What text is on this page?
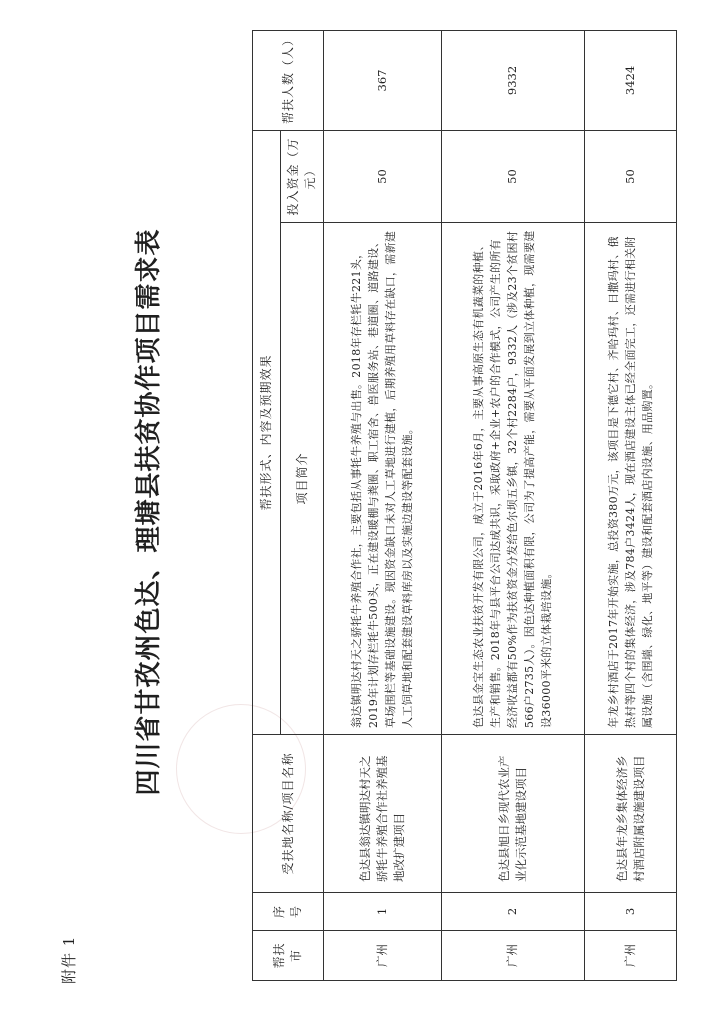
附件 1
四川省甘孜州色达、理塘县扶贫协作项目需求表
帮扶市	序号	受扶地名称/项目名称	帮扶形式、内容及预期效果		帮扶人数（人）
			项目简介	投入资金（万元）	
广州	1	色达县翁达镇明达村天之骄牦牛养殖合作社养殖基地改扩建项目	翁达镇明达村天之骄牦牛养殖合作社，主要包括从事牦牛养殖与出售。2018年存栏牦牛221头，2019年计划存栏牦牛500头，正在建设暖棚与粪圈、职工宿舍、兽医服务站、巷道圈、道路建设、草场围栏等基础设施建设。现因资金缺口未对人工草地进行建植，后期养殖用草料存在缺口，需新建人工饲草地和配套建设草料库房以及实施边建设等配套设施。	50	367
广州	2	色达县旭日乡现代农业产业化示范基地建设项目	色达县金宝生态农业扶贫开发有限公司，成立于2016年6月，主要从事高原生态有机蔬菜的种植、生产和销售。2018年与县平台公司达成共识，采取政府+企业+农户的合作模式，公司产生的所有经济收益都有50%作为扶贫资金分发给色尔坝五乡镇，32个村2284户，9332人（涉及23个贫困村566户2735人）。因色达种植面积有限，公司为了提高产能，需要从平面发展到立体种植，现需要建设36000平米的立体栽培设施。	50	9332
广州	3	色达县年龙乡集体经济乡村酒店附属设施建设项目	年龙乡村酒店于2017年开始实施，总投资380万元，该项目是下德它村、齐哈玛村、日撒玛村、俄热村等四个村的集体经济，涉及784户3424人，现在酒店建设主体已经全面完工，还需进行相关附属设施（含围墙、绿化、地平等）建设和配套酒店内设施、用品购置。	50	3424
